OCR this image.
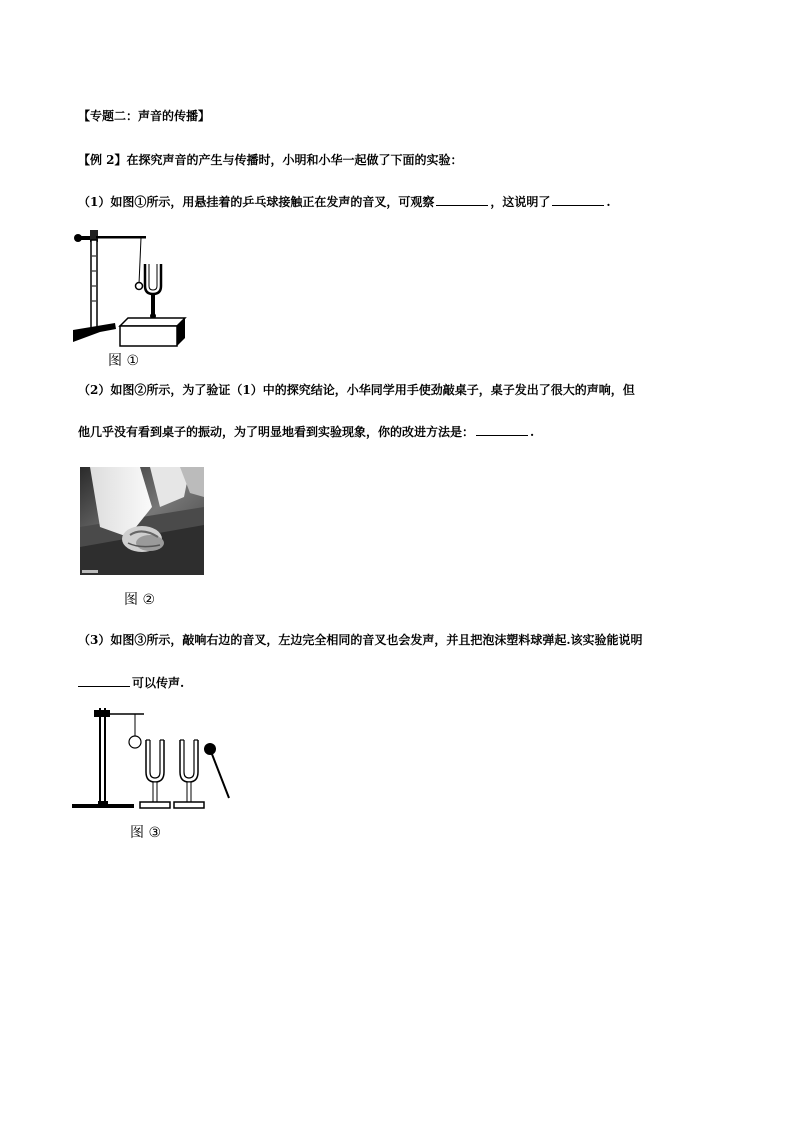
【专题二：声音的传播】
【例 2】在探究声音的产生与传播时，小明和小华一起做了下面的实验：
（1）如图①所示，用悬挂着的乒乓球接触正在发声的音叉，可观察	，这说明了	.
图 ①
（2）如图②所示，为了验证（1）中的探究结论，小华同学用手使劲敲桌子，桌子发出了很大的声响，但
他几乎没有看到桌子的振动，为了明显地看到实验现象，你的改进方法是：	.
图 ②
（3）如图③所示，敲响右边的音叉，左边完全相同的音叉也会发声，并且把泡沫塑料球弹起.该实验能说明
可以传声.
图 ③
